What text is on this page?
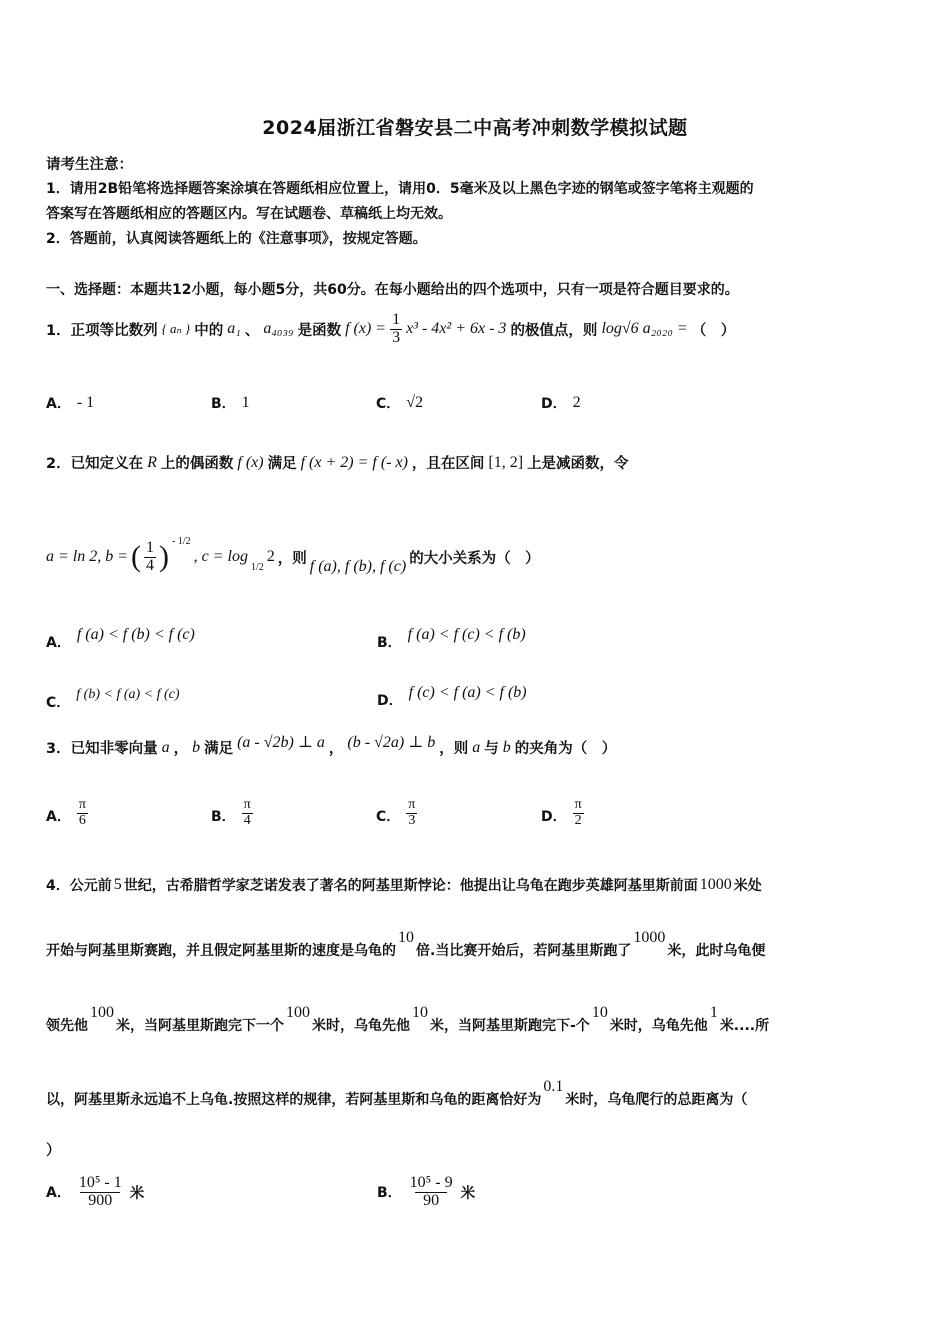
2024届浙江省磐安县二中高考冲刺数学模拟试题
请考生注意：
1．请用2B铅笔将选择题答案涂填在答题纸相应位置上，请用0．5毫米及以上黑色字迹的钢笔或签字笔将主观题的
答案写在答题纸相应的答题区内。写在试题卷、草稿纸上均无效。
2．答题前，认真阅读答题纸上的《注意事项》，按规定答题。
一、选择题：本题共12小题，每小题5分，共60分。在每小题给出的四个选项中，只有一项是符合题目要求的。
1．正项等比数列 { aₙ } 中的 a₁ 、 a₄₀₃₉ 是函数 f $(x) = \frac{1}{3} x^3 - 4x^2 + 6x - 3$ 的极值点，则 log√6 a₂₀₂₀ = （　）
A． - 1	B． 1	C． √2	D． 2
2．已知定义在 R 上的偶函数 f (x) 满足 f (x + 2) = f (- x) ，且在区间 [1, 2] 上是减函数，令
a = ln 2, b = ( $\frac{1}{4}$ ) - 1/2
, c = log
1/2
2 ，则 f (a), f (b), f (c) 的大小关系为（　）
A． f (a) < f (b) < f (c)	B． f (a) < f (c) < f (b)
C．
f (b) < f (a) < f (c)	D． f (c) < f (a) < f (b)
3．已知非零向量 a ， b 满足 (a - √2b) ⊥ a ， (b - √2a) ⊥ b ，则 a 与 b 的夹角为（　）
A． $\frac{\pi}{6}$	B． $\frac{\pi}{4}$	C． $\frac{\pi}{3}$	D． $\frac{\pi}{2}$
4．公元前 5 世纪，古希腊哲学家芝诺发表了著名的阿基里斯悖论：他提出让乌龟在跑步英雄阿基里斯前面 1000 米处
开始与阿基里斯赛跑，并且假定阿基里斯的速度是乌龟的
10
倍.当比赛开始后，若阿基里斯跑了
1000
米，此时乌龟便
领先他
100
米，当阿基里斯跑完下一个
100
米时，乌龟先他
10
米，当阿基里斯跑完下-个
10
米时，乌龟先他
1
米....所
以，阿基里斯永远追不上乌龟.按照这样的规律，若阿基里斯和乌龟的距离恰好为
0.1
米时，乌龟爬行的总距离为（
）
A． $\frac{\text{10⁵ - 1}}{900}$ 米	B． $\frac{\text{10⁵ - 9}}{90}$ 米
